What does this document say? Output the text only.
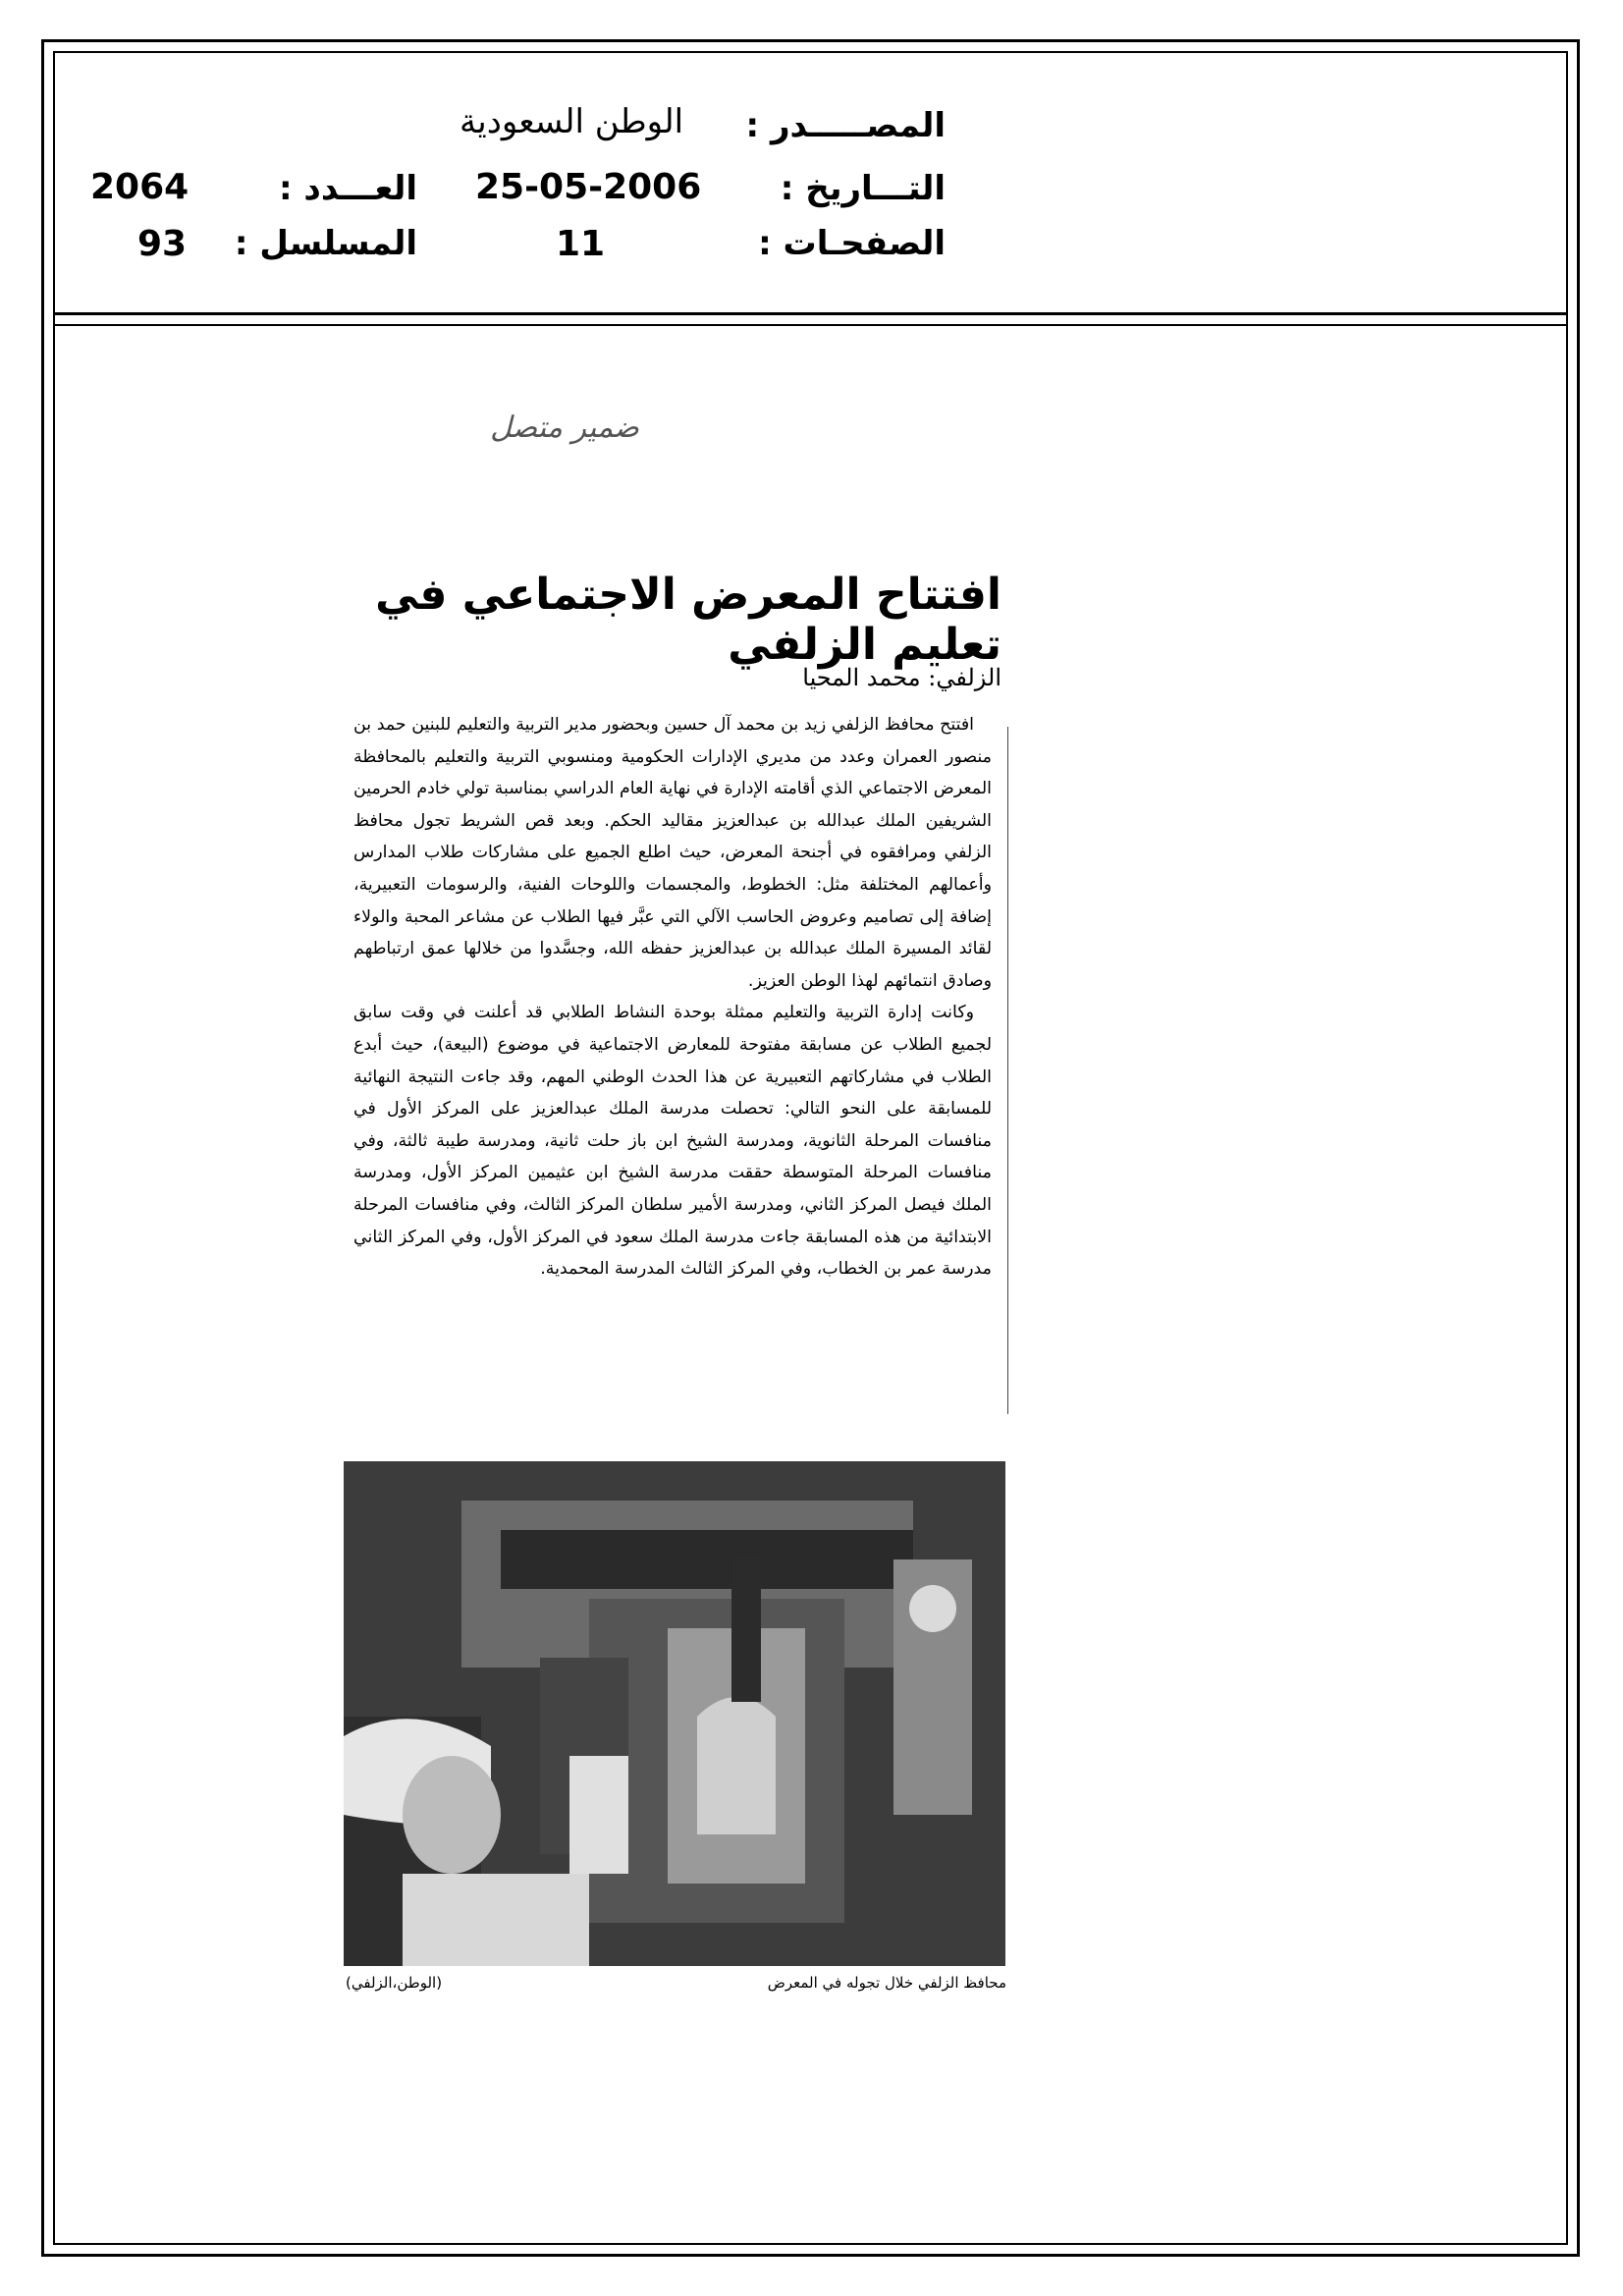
المصـــــدر :
الوطن السعودية
التـــاريخ :
25-05-2006
العـــدد :
2064
الصفحـات :
11
المسلسل :
93
ضمير متصل
افتتاح المعرض الاجتماعي في تعليم الزلفي
الزلفي: محمد المحيا

افتتح محافظ الزلفي زيد بن محمد آل حسين وبحضور مدير التربية والتعليم للبنين حمد بن منصور العمران وعدد من مديري الإدارات الحكومية ومنسوبي التربية والتعليم بالمحافظة المعرض الاجتماعي الذي أقامته الإدارة في نهاية العام الدراسي بمناسبة تولي خادم الحرمين الشريفين الملك عبدالله بن عبدالعزيز مقاليد الحكم. وبعد قص الشريط تجول محافظ الزلفي ومرافقوه في أجنحة المعرض، حيث اطلع الجميع على مشاركات طلاب المدارس وأعمالهم المختلفة مثل: الخطوط، والمجسمات واللوحات الفنية، والرسومات التعبيرية، إضافة إلى تصاميم وعروض الحاسب الآلي التي عبَّر فيها الطلاب عن مشاعر المحبة والولاء لقائد المسيرة الملك عبدالله بن عبدالعزيز حفظه الله، وجسَّدوا من خلالها عمق ارتباطهم وصادق انتمائهم لهذا الوطن العزيز.

وكانت إدارة التربية والتعليم ممثلة بوحدة النشاط الطلابي قد أعلنت في وقت سابق لجميع الطلاب عن مسابقة مفتوحة للمعارض الاجتماعية في موضوع (البيعة)، حيث أبدع الطلاب في مشاركاتهم التعبيرية عن هذا الحدث الوطني المهم، وقد جاءت النتيجة النهائية للمسابقة على النحو التالي: تحصلت مدرسة الملك عبدالعزيز على المركز الأول في منافسات المرحلة الثانوية، ومدرسة الشيخ ابن باز حلت ثانية، ومدرسة طيبة ثالثة، وفي منافسات المرحلة المتوسطة حققت مدرسة الشيخ ابن عثيمين المركز الأول، ومدرسة الملك فيصل المركز الثاني، ومدرسة الأمير سلطان المركز الثالث، وفي منافسات المرحلة الابتدائية من هذه المسابقة جاءت مدرسة الملك سعود في المركز الأول، وفي المركز الثاني مدرسة عمر بن الخطاب، وفي المركز الثالث المدرسة المحمدية.

محافظ الزلفي خلال تجوله في المعرض
(الوطن،الزلفي)
